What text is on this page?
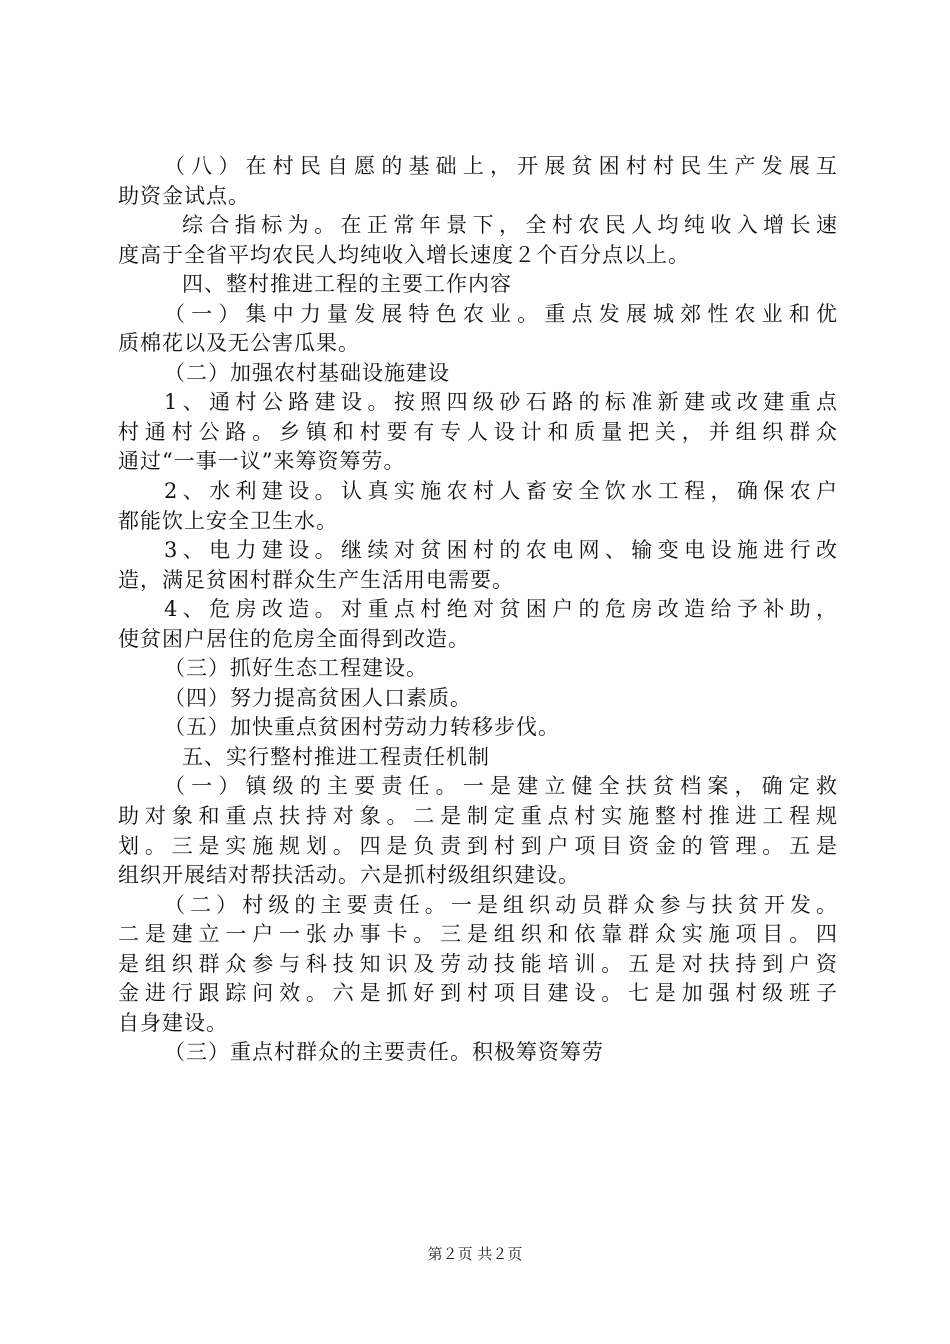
（八）在村民自愿的基础上，开展贫困村村民生产发展互
助资金试点。
综合指标为。在正常年景下，全村农民人均纯收入增长速
度高于全省平均农民人均纯收入增长速度２个百分点以上。
四、整村推进工程的主要工作内容
（一）集中力量发展特色农业。重点发展城郊性农业和优
质棉花以及无公害瓜果。
（二）加强农村基础设施建设
1、通村公路建设。按照四级砂石路的标准新建或改建重点
村通村公路。乡镇和村要有专人设计和质量把关，并组织群众
通过“一事一议”来筹资筹劳。
2、水利建设。认真实施农村人畜安全饮水工程，确保农户
都能饮上安全卫生水。
3、电力建设。继续对贫困村的农电网、输变电设施进行改
造，满足贫困村群众生产生活用电需要。
4、危房改造。对重点村绝对贫困户的危房改造给予补助，
使贫困户居住的危房全面得到改造。
（三）抓好生态工程建设。
（四）努力提高贫困人口素质。
（五）加快重点贫困村劳动力转移步伐。
五、实行整村推进工程责任机制
（一）镇级的主要责任。一是建立健全扶贫档案，确定救
助对象和重点扶持对象。二是制定重点村实施整村推进工程规
划。三是实施规划。四是负责到村到户项目资金的管理。五是
组织开展结对帮扶活动。六是抓村级组织建设。
（二）村级的主要责任。一是组织动员群众参与扶贫开发。
二是建立一户一张办事卡。三是组织和依靠群众实施项目。四
是组织群众参与科技知识及劳动技能培训。五是对扶持到户资
金进行跟踪问效。六是抓好到村项目建设。七是加强村级班子
自身建设。
（三）重点村群众的主要责任。积极筹资筹劳
第２页 共２页
